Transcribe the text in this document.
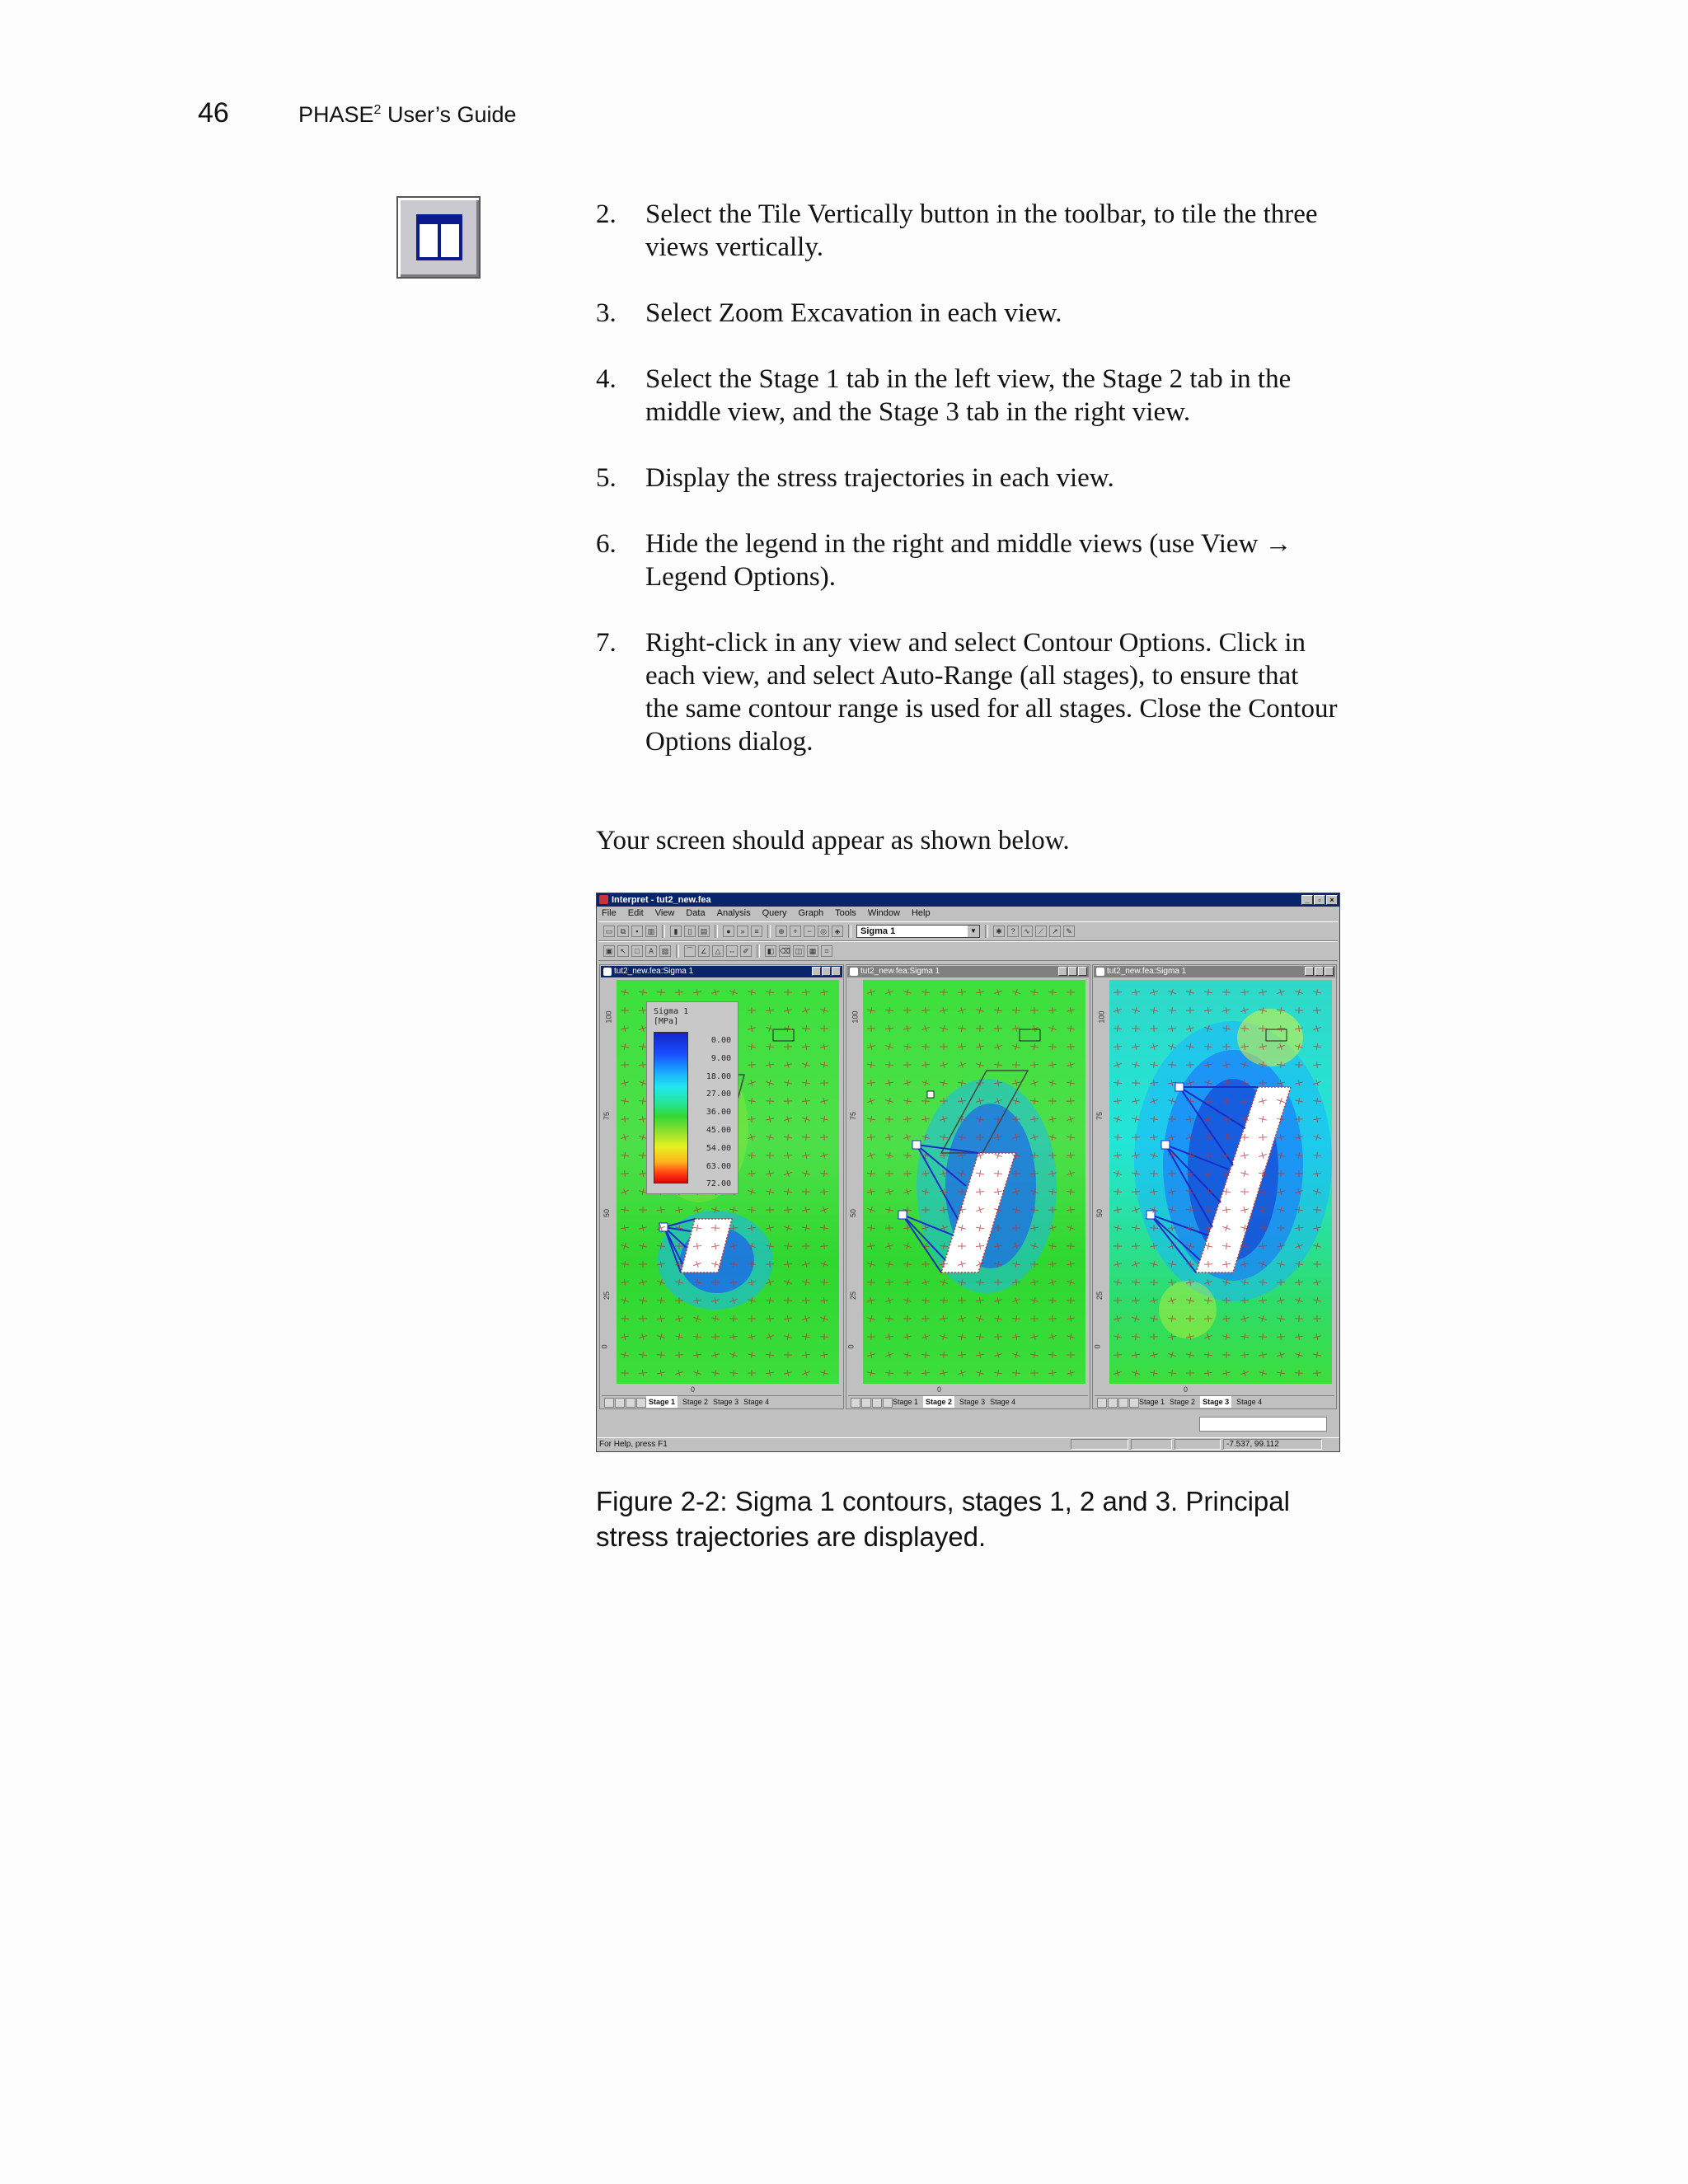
46	PHASE$^2$ User’s Guide
2. Select the Tile Vertically button in the toolbar, to tile the three views vertically.
3. Select Zoom Excavation in each view.
4. Select the Stage 1 tab in the left view, the Stage 2 tab in the middle view, and the Stage 3 tab in the right view.
5. Display the stress trajectories in each view.
6. Hide the legend in the right and middle views (use View → Legend Options).
7. Right-click in any view and select Contour Options. Click in each view, and select Auto-Range (all stages), to ensure that the same contour range is used for all stages. Close the Contour Options dialog.
Your screen should appear as shown below.
Interpret - tut2_new.fea	_	▫	×
File Edit View Data Analysis Query Graph Tools Window Help
▭	⧉	▪	▥	▮	▯	▤	●	»	≡	⊕	+	−	◎	◈	Sigma 1	▼	✱	?	∿	⟋	↗	✎
▣ ↖	□	A	▨	⌒ ∠	△	⇔ ✐	◧ ⌫ ◫ ▦	⌗
tut2_new.fea:Sigma 1
100
75
50
25
0
Sigma 1
[MPa]
0.00
9.00
18.00
27.00
36.00
45.00
54.00
63.00
72.00
0
Stage 1	Stage 2 Stage 3 Stage 4
tut2_new.fea:Sigma 1
100
75
50
25
0
0
Stage 1	Stage 2	Stage 3 Stage 4
tut2_new.fea:Sigma 1
100
75
50
25
0
0
Stage 1 Stage 2	Stage 3	Stage 4
For Help, press F1	-7.537, 99.112
Figure 2-2: Sigma 1 contours, stages 1, 2 and 3. Principal stress trajectories are displayed.
